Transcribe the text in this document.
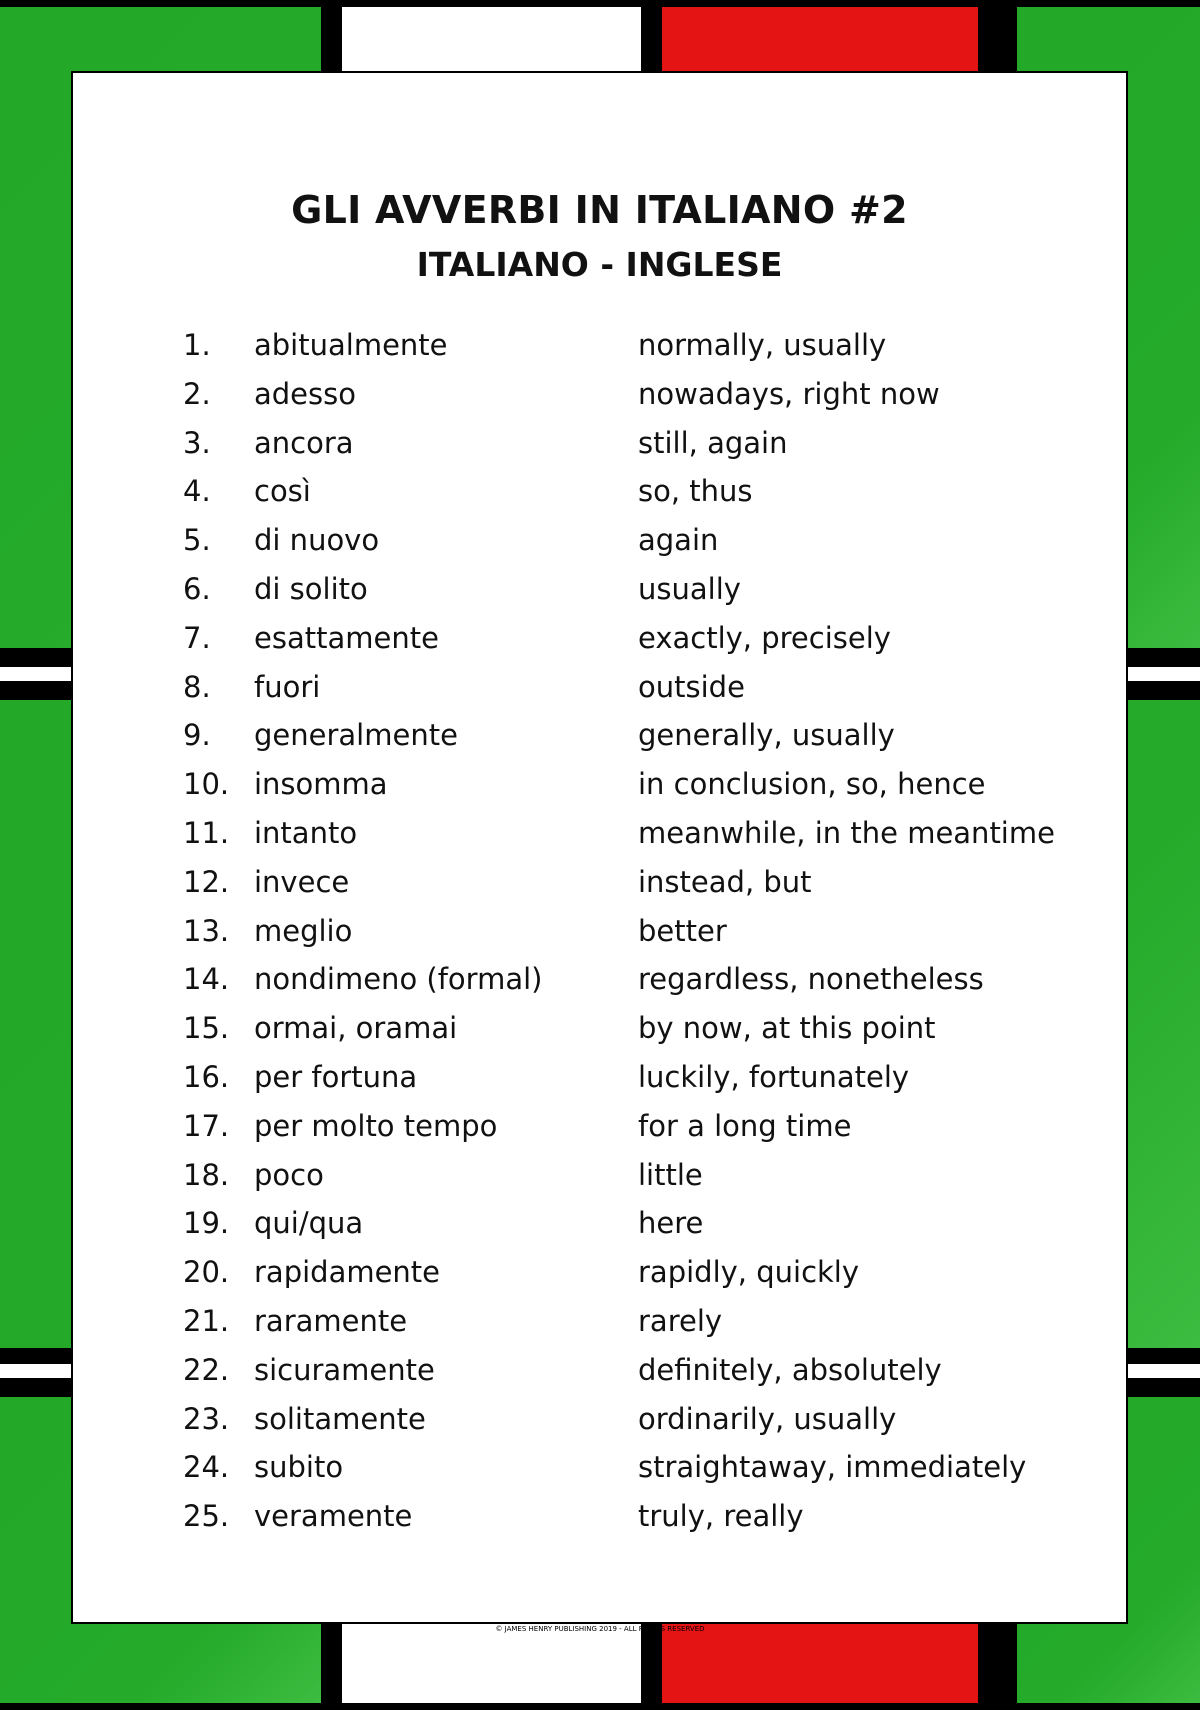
GLI AVVERBI IN ITALIANO #2
ITALIANO - INGLESE
1. abitualmente	normally, usually
2. adesso	nowadays, right now
3. ancora	still, again
4. così	so, thus
5. di nuovo	again
6. di solito	usually
7. esattamente	exactly, precisely
8. fuori	outside
9. generalmente	generally, usually
10. insomma	in conclusion, so, hence
11. intanto	meanwhile, in the meantime
12. invece	instead, but
13. meglio	better
14. nondimeno (formal)	regardless, nonetheless
15. ormai, oramai	by now, at this point
16. per fortuna	luckily, fortunately
17. per molto tempo	for a long time
18. poco	little
19. qui/qua	here
20. rapidamente	rapidly, quickly
21. raramente	rarely
22. sicuramente	definitely, absolutely
23. solitamente	ordinarily, usually
24. subito	straightaway, immediately
25. veramente	truly, really
© JAMES HENRY PUBLISHING 2019 - ALL RIGHTS RESERVED
